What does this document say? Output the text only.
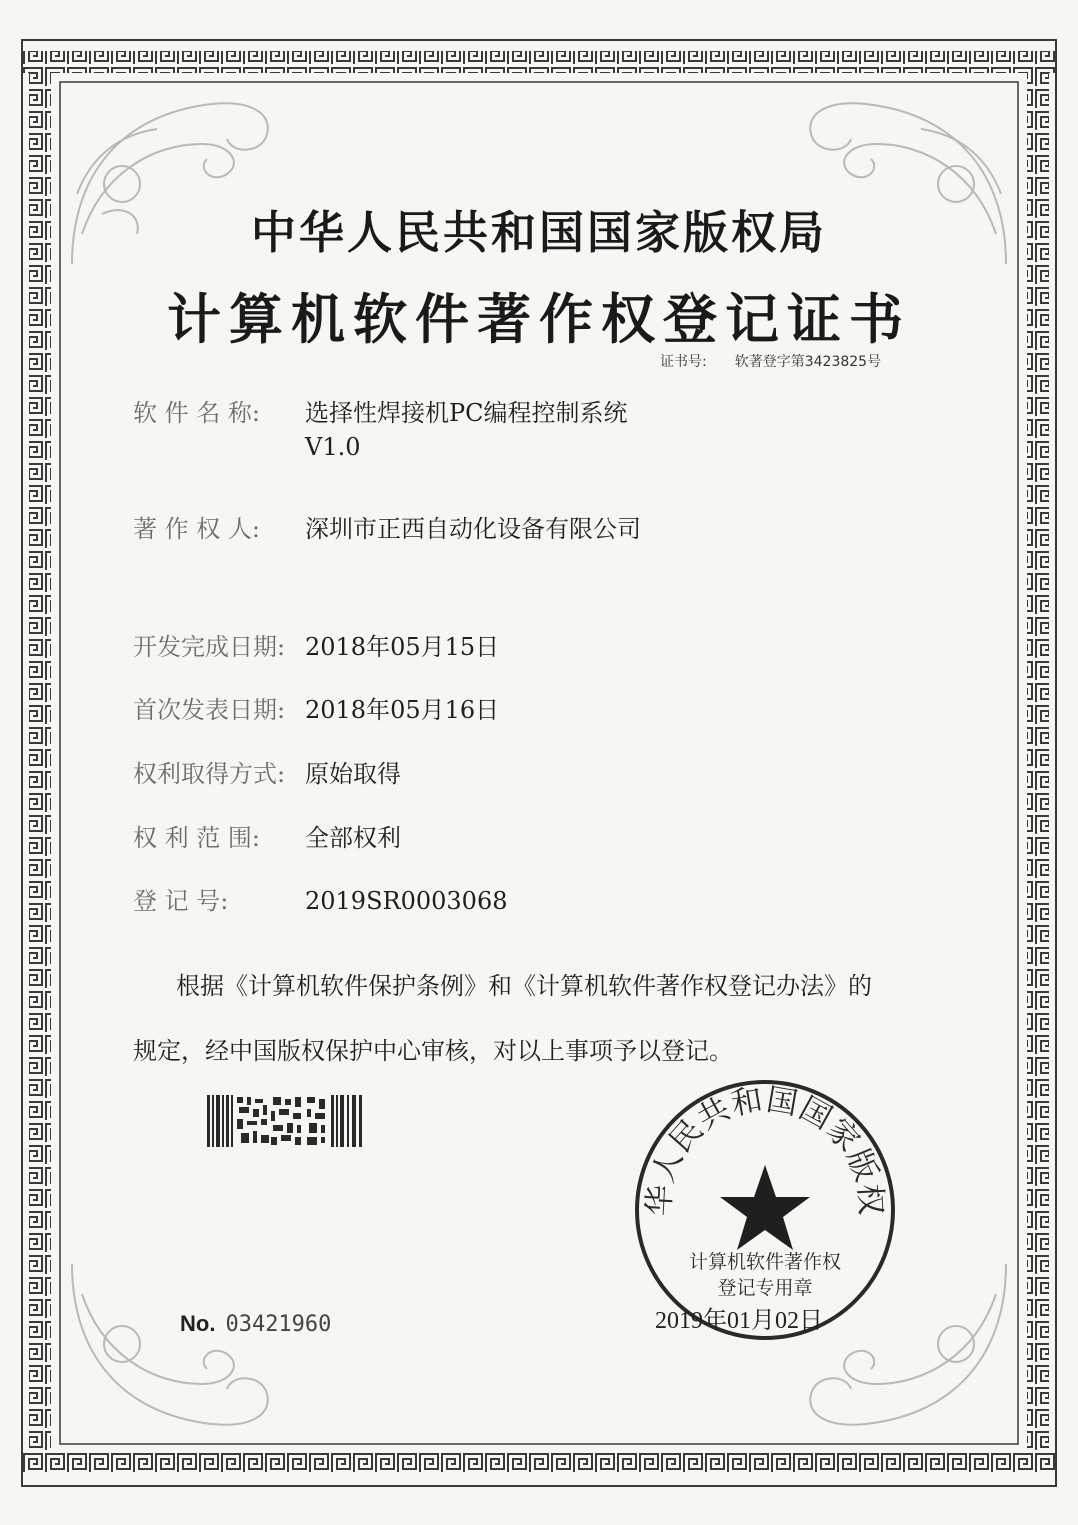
中华人民共和国国家版权局
计算机软件著作权登记证书
证书号: 软著登字第3423825号
软 件 名 称: 选择性焊接机PC编程控制系统
V1.0
著 作 权 人: 深圳市正西自动化设备有限公司
开发完成日期: 2018年05月15日
首次发表日期: 2018年05月16日
权利取得方式: 原始取得
权 利 范 围: 全部权利
登 记 号:	2019SR0003068
根据《计算机软件保护条例》和《计算机软件著作权登记办法》的
规定，经中国版权保护中心审核，对以上事项予以登记。
No. 03421960
华人民共和国国家版权
计算机软件著作权
登记专用章
2019年01月02日
